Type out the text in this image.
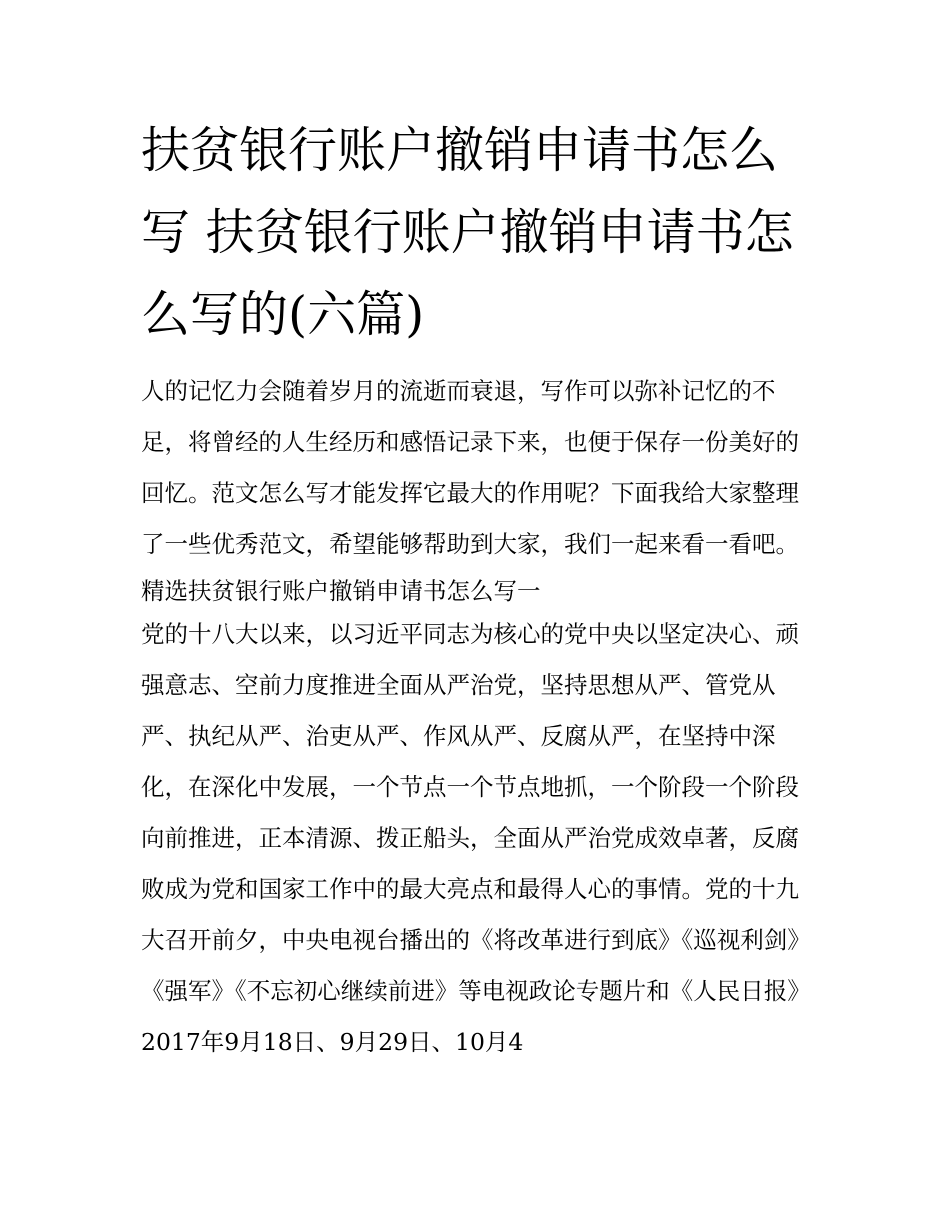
扶贫银行账户撤销申请书怎么写 扶贫银行账户撤销申请书怎么写的(六篇)

人的记忆力会随着岁月的流逝而衰退，写作可以弥补记忆的不足，将曾经的人生经历和感悟记录下来，也便于保存一份美好的回忆。范文怎么写才能发挥它最大的作用呢？下面我给大家整理了一些优秀范文，希望能够帮助到大家，我们一起来看一看吧。

精选扶贫银行账户撤销申请书怎么写一

党的十八大以来，以习近平同志为核心的党中央以坚定决心、顽强意志、空前力度推进全面从严治党，坚持思想从严、管党从严、执纪从严、治吏从严、作风从严、反腐从严，在坚持中深化，在深化中发展，一个节点一个节点地抓，一个阶段一个阶段向前推进，正本清源、拨正船头，全面从严治党成效卓著，反腐败成为党和国家工作中的最大亮点和最得人心的事情。党的十九大召开前夕，中央电视台播出的《将改革进行到底》《巡视利剑》《强军》《不忘初心继续前进》等电视政论专题片和《人民日报》2017年9月18日、9月29日、10月4
